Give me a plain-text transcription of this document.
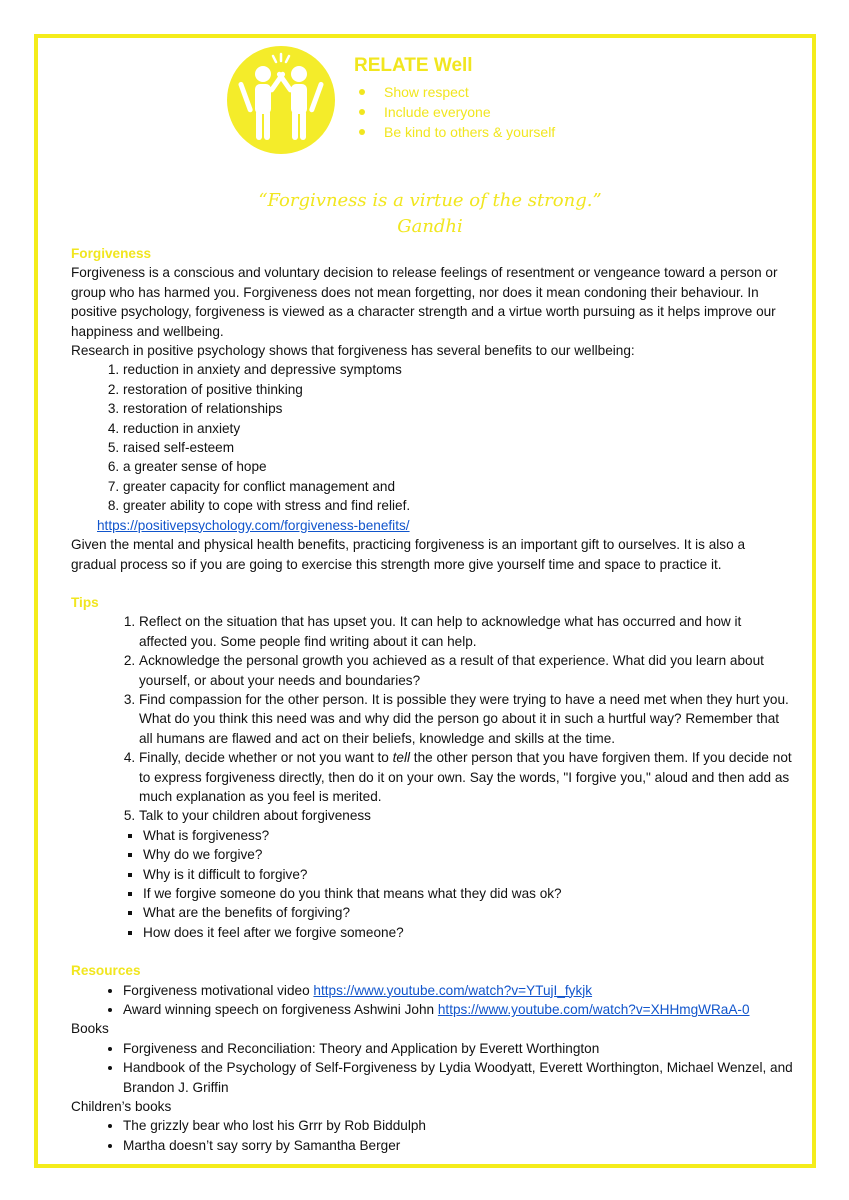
RELATE Well
Show respect
Include everyone
Be kind to others & yourself
“Forgivness is a virtue of the strong.”
Gandhi
Forgiveness

Forgiveness is a conscious and voluntary decision to release feelings of resentment or vengeance toward a person or group who has harmed you. Forgiveness does not mean forgetting, nor does it mean condoning their behaviour. In positive psychology, forgiveness is viewed as a character strength and a virtue worth pursuing as it helps improve our happiness and wellbeing.

Research in positive psychology shows that forgiveness has several benefits to our wellbeing:

1. reduction in anxiety and depressive symptoms
2. restoration of positive thinking
3. restoration of relationships
4. reduction in anxiety
5. raised self-esteem
6. a greater sense of hope
7. greater capacity for conflict management and
8. greater ability to cope with stress and find relief.
https://positivepsychology.com/forgiveness-benefits/

Given the mental and physical health benefits, practicing forgiveness is an important gift to ourselves. It is also a gradual process so if you are going to exercise this strength more give yourself time and space to practice it.

Tips
1. Reflect on the situation that has upset you. It can help to acknowledge what has occurred and how it affected you. Some people find writing about it can help.
2. Acknowledge the personal growth you achieved as a result of that experience. What did you learn about yourself, or about your needs and boundaries?
3. Find compassion for the other person. It is possible they were trying to have a need met when they hurt you. What do you think this need was and why did the person go about it in such a hurtful way? Remember that all humans are flawed and act on their beliefs, knowledge and skills at the time.
4. Finally, decide whether or not you want to tell the other person that you have forgiven them. If you decide not to express forgiveness directly, then do it on your own. Say the words, "I forgive you," aloud and then add as much explanation as you feel is merited.
5. Talk to your children about forgiveness
▪ What is forgiveness?
▪ Why do we forgive?
▪ Why is it difficult to forgive?
▪ If we forgive someone do you think that means what they did was ok?
▪ What are the benefits of forgiving?
▪ How does it feel after we forgive someone?
Resources
• Forgiveness motivational video https://www.youtube.com/watch?v=YTujI_fykjk
• Award winning speech on forgiveness Ashwini John https://www.youtube.com/watch?v=XHHmgWRaA-0
Books
• Forgiveness and Reconciliation: Theory and Application by Everett Worthington
• Handbook of the Psychology of Self-Forgiveness by Lydia Woodyatt, Everett Worthington, Michael Wenzel, and Brandon J. Griffin
Children’s books
• The grizzly bear who lost his Grrr by Rob Biddulph
• Martha doesn’t say sorry by Samantha Berger
